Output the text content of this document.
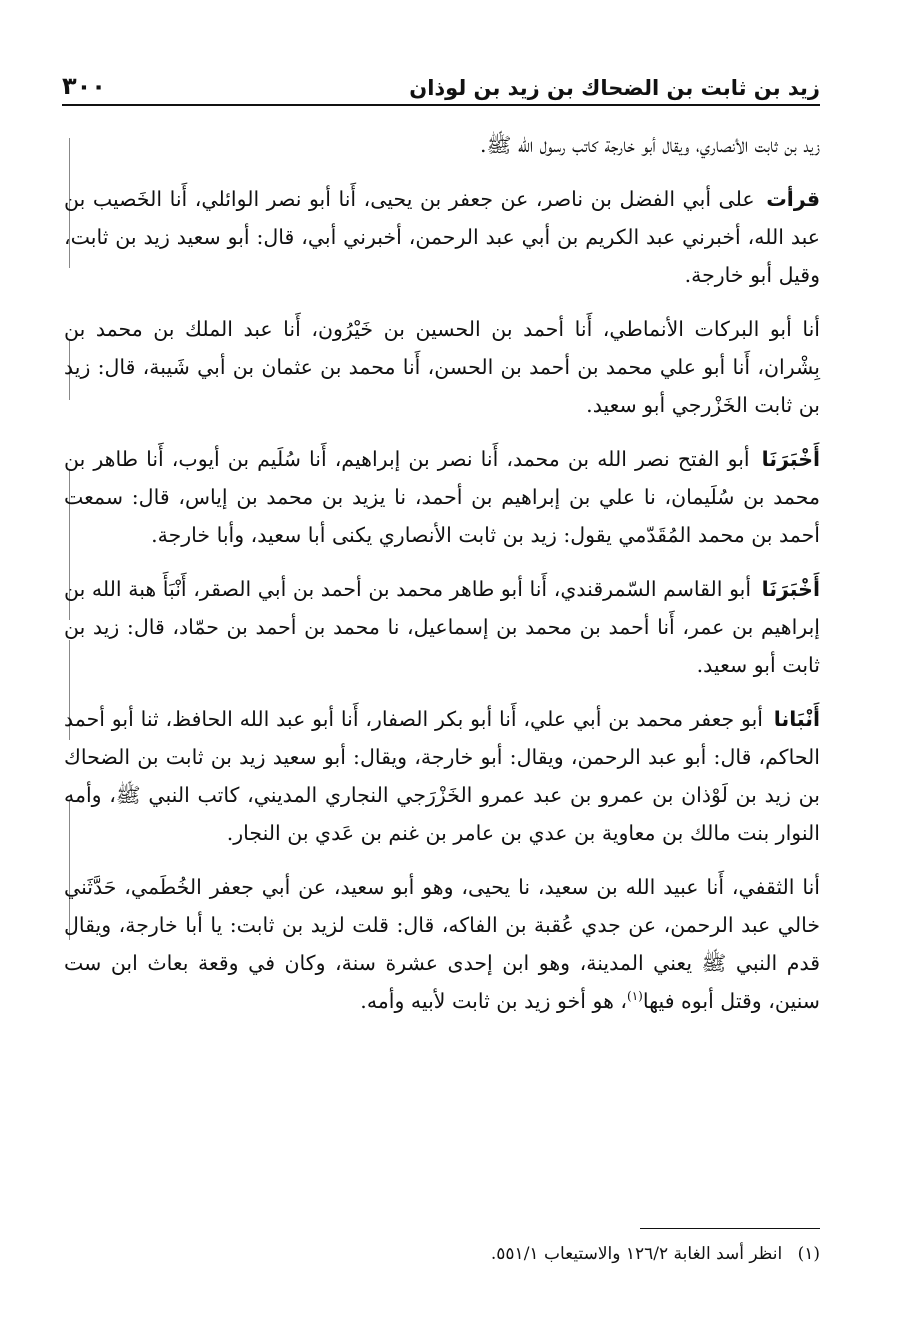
زيد بن ثابت بن الضحاك بن زيد بن لوذان
٣٠٠

زيد بن ثابت الأنصاري، ويقال أبو خارجة كاتب رسول الله ﷺ.

قرأت على أبي الفضل بن ناصر، عن جعفر بن يحيى، أَنا أبو نصر الوائلي، أَنا الخَصيب بن عبد الله، أخبرني عبد الكريم بن أبي عبد الرحمن، أخبرني أبي، قال: أبو سعيد زيد بن ثابت، وقيل أبو خارجة.

أنا أبو البركات الأنماطي، أَنا أحمد بن الحسين بن خَيْرُون، أَنا عبد الملك بن محمد بن بِشْران، أَنا أبو علي محمد بن أحمد بن الحسن، أَنا محمد بن عثمان بن أبي شَيبة، قال: زيد بن ثابت الخَزْرجي أبو سعيد.

أَخْبَرَنَا أبو الفتح نصر الله بن محمد، أَنا نصر بن إبراهيم، أَنا سُلَيم بن أيوب، أَنا طاهر بن محمد بن سُلَيمان، نا علي بن إبراهيم بن أحمد، نا يزيد بن محمد بن إياس، قال: سمعت أحمد بن محمد المُقَدّمي يقول: زيد بن ثابت الأنصاري يكنى أبا سعيد، وأبا خارجة.

أَخْبَرَنَا أبو القاسم السّمرقندي، أَنا أبو طاهر محمد بن أحمد بن أبي الصقر، أَنْبَأَ هبة الله بن إبراهيم بن عمر، أَنا أحمد بن محمد بن إسماعيل، نا محمد بن أحمد بن حمّاد، قال: زيد بن ثابت أبو سعيد.

أَنْبَانا أبو جعفر محمد بن أبي علي، أَنا أبو بكر الصفار، أَنا أبو عبد الله الحافظ، ثنا أبو أحمد الحاكم، قال: أبو عبد الرحمن، ويقال: أبو خارجة، ويقال: أبو سعيد زيد بن ثابت بن الضحاك بن زيد بن لَوْذان بن عمرو بن عبد عمرو الخَزْرَجي النجاري المديني، كاتب النبي ﷺ، وأمه النوار بنت مالك بن معاوية بن عدي بن عامر بن غنم بن عَدي بن النجار.

أنا الثقفي، أَنا عبيد الله بن سعيد، نا يحيى، وهو أبو سعيد، عن أبي جعفر الخُطَمي، حَدَّثَني خالي عبد الرحمن، عن جدي عُقبة بن الفاكه، قال: قلت لزيد بن ثابت: يا أبا خارجة، ويقال قدم النبي ﷺ يعني المدينة، وهو ابن إحدى عشرة سنة، وكان في وقعة بعاث ابن ست سنين، وقتل أبوه فيها$^{(١)}$، هو أخو زيد بن ثابت لأبيه وأمه.

(١) انظر أسد الغابة ١٢٦/٢ والاستيعاب ٥٥١/١.
